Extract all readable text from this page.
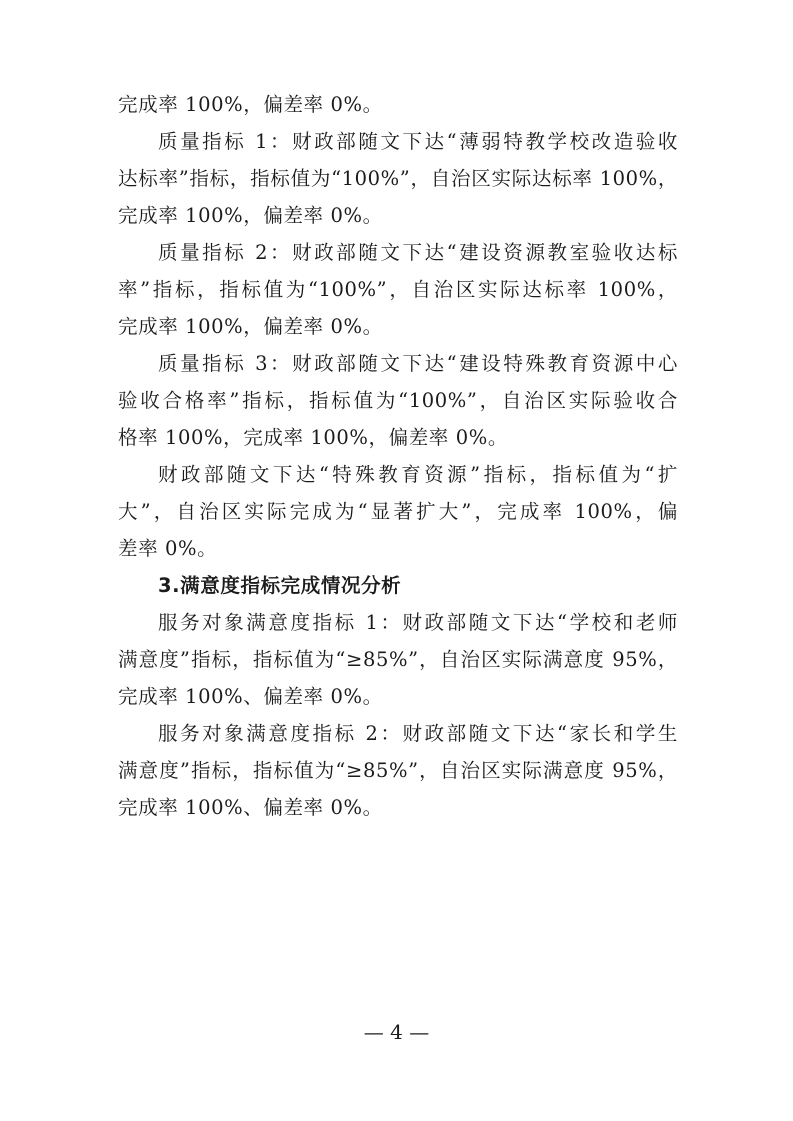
完成率 100%，偏差率 0%。
质量指标 1：财政部随文下达“薄弱特教学校改造验收
达标率”指标，指标值为“100%”，自治区实际达标率 100%，
完成率 100%，偏差率 0%。
质量指标 2：财政部随文下达“建设资源教室验收达标
率”指标，指标值为“100%”，自治区实际达标率 100%，
完成率 100%，偏差率 0%。
质量指标 3：财政部随文下达“建设特殊教育资源中心
验收合格率”指标，指标值为“100%”，自治区实际验收合
格率 100%，完成率 100%，偏差率 0%。
财政部随文下达“特殊教育资源”指标，指标值为“扩
大”，自治区实际完成为“显著扩大”，完成率 100%，偏
差率 0%。
3.满意度指标完成情况分析
服务对象满意度指标 1：财政部随文下达“学校和老师
满意度”指标，指标值为“≥85%”，自治区实际满意度 95%，
完成率 100%、偏差率 0%。
服务对象满意度指标 2：财政部随文下达“家长和学生
满意度”指标，指标值为“≥85%”，自治区实际满意度 95%，
完成率 100%、偏差率 0%。
— 4 —
